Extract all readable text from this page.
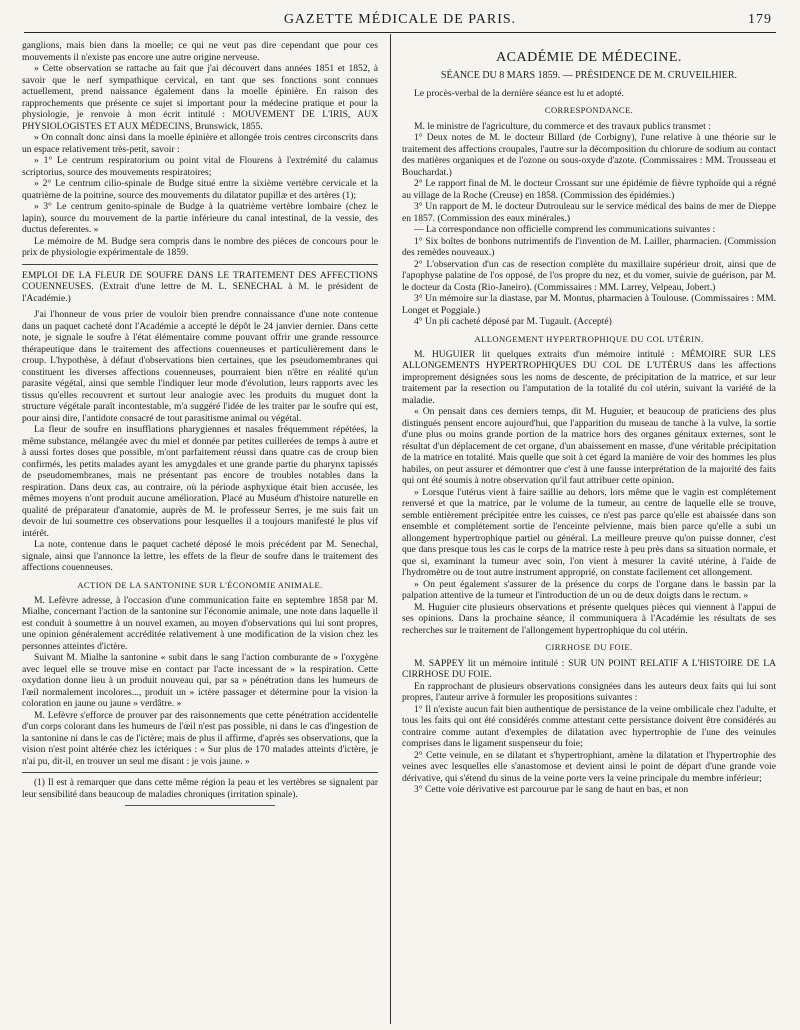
GAZETTE MÉDICALE DE PARIS.	179

ganglions, mais bien dans la moelle; ce qui ne veut pas dire cependant que pour ces mouvements il n'existe pas encore une autre origine nerveuse.

» Cette observation se rattache au fait que j'ai découvert dans années 1851 et 1852, à savoir que le nerf sympathique cervical, en tant que ses fonctions sont connues actuellement, prend naissance également dans la moelle épinière. En raison des rapprochements que présente ce sujet si important pour la médecine pratique et pour la physiologie, je renvoie à mon écrit intitulé : MOUVEMENT DE L'IRIS, AUX PHYSIOLOGISTES ET AUX MÉDECINS, Brunswick, 1855.

» On connaît donc ainsi dans la moelle épinière et allongée trois centres circonscrits dans un espace relativement très-petit, savoir :

» 1° Le centrum respiratorium ou point vital de Flourens à l'extrémité du calamus scriptorius, source des mouvements respiratoires;

» 2° Le centrum cilio-spinale de Budge situé entre la sixième vertèbre cervicale et la quatrième de la poitrine, source des mouvements du dilatator pupillæ et des artères (1);

» 3° Le centrum genito-spinale de Budge à la quatrième vertèbre lombaire (chez le lapin), source du mouvement de la partie inférieure du canal intestinal, de la vessie, des ductus deferentes. »

Le mémoire de M. Budge sera compris dans le nombre des pièces de concours pour le prix de physiologie expérimentale de 1859.

EMPLOI DE LA FLEUR DE SOUFRE DANS LE TRAITEMENT DES AFFECTIONS COUENNEUSES. (Extrait d'une lettre de M. L. SENECHAL à M. le président de l'Académie.)

J'ai l'honneur de vous prier de vouloir bien prendre connaissance d'une note contenue dans un paquet cacheté dont l'Académie a accepté le dépôt le 24 janvier dernier. Dans cette note, je signale le soufre à l'état élémentaire comme pouvant offrir une grande ressource thérapeutique dans le traitement des affections couenneuses et particulièrement dans le croup. L'hypothèse, à défaut d'observations bien certaines, que les pseudomembranes qui constituent les diverses affections couenneuses, pourraient bien n'être en réalité qu'un parasite végétal, ainsi que semble l'indiquer leur mode d'évolution, leurs rapports avec les tissus qu'elles recouvrent et surtout leur analogie avec les produits du muguet dont la structure végétale paraît incontestable, m'a suggéré l'idée de les traiter par le soufre qui est, pour ainsi dire, l'antidote consacré de tout parasitisme animal ou végétal.

La fleur de soufre en insufflations pharygiennes et nasales fréquemment répétées, la même substance, mélangée avec du miel et donnée par petites cuillerées de temps à autre et à aussi fortes doses que possible, m'ont parfaitement réussi dans quatre cas de croup bien confirmés, les petits malades ayant les amygdales et une grande partie du pharynx tapissés de pseudomembranes, mais ne présentant pas encore de troubles notables dans la respiration. Dans deux cas, au contraire, où la période asphyxique était bien accusée, les mêmes moyens n'ont produit aucune amélioration. Placé au Muséum d'histoire naturelle en qualité de préparateur d'anatomie, auprès de M. le professeur Serres, je me suis fait un devoir de lui soumettre ces observations pour lesquelles il a toujours manifesté le plus vif intérêt.

La note, contenue dans le paquet cacheté déposé le mois précédent par M. Senechal, signale, ainsi que l'annonce la lettre, les effets de la fleur de soufre dans le traitement des affections couenneuses.

ACTION DE LA SANTONINE SUR L'ÉCONOMIE ANIMALE.

M. Lefèvre adresse, à l'occasion d'une communication faite en septembre 1858 par M. Mialhe, concernant l'action de la santonine sur l'économie animale, une note dans laquelle il est conduit à soumettre à un nouvel examen, au moyen d'observations qui lui sont propres, une opinion généralement accréditée relativement à une modification de la vision chez les personnes atteintes d'ictère.

Suivant M. Mialhe la santonine « subit dans le sang l'action comburante de » l'oxygène avec lequel elle se trouve mise en contact par l'acte incessant de » la respiration. Cette oxydation donne lieu à un produit nouveau qui, par sa » pénétration dans les humeurs de l'œil normalement incolores..., produit un » ictère passager et détermine pour la vision la coloration en jaune ou jaune » verdâtre. »

M. Lefèvre s'efforce de prouver par des raisonnements que cette pénétration accidentelle d'un corps colorant dans les humeurs de l'œil n'est pas possible, ni dans le cas d'ingestion de la santonine ni dans le cas de l'ictère; mais de plus il affirme, d'après ses observations, que la vision n'est point altérée chez les ictériques : « Sur plus de 170 malades atteints d'ictère, je n'ai pu, dit-il, en trouver un seul me disant : je vois jaune. »

(1) Il est à remarquer que dans cette même région la peau et les vertèbres se signalent par leur sensibilité dans beaucoup de maladies chroniques (irritation spinale).

ACADÉMIE DE MÉDECINE.
SÉANCE DU 8 MARS 1859. — PRÉSIDENCE DE M. CRUVEILHIER.

Le procès-verbal de la dernière séance est lu et adopté.

CORRESPONDANCE.

M. le ministre de l'agriculture, du commerce et des travaux publics transmet :

1° Deux notes de M. le docteur Billard (de Corbigny), l'une relative à une théorie sur le traitement des affections croupales, l'autre sur la décomposition du chlorure de sodium au contact des matières organiques et de l'ozone ou sous-oxyde d'azote. (Commissaires : MM. Trousseau et Bouchardat.)

2° Le rapport final de M. le docteur Crossant sur une épidémie de fièvre typhoïde qui a régné au village de la Roche (Creuse) en 1858. (Commission des épidémies.)

3° Un rapport de M. le docteur Dutrouleau sur le service médical des bains de mer de Dieppe en 1857. (Commission des eaux minérales.)

— La correspondance non officielle comprend les communications suivantes :

1° Six boîtes de bonbons nutrimentifs de l'invention de M. Lailler, pharmacien. (Commission des remèdes nouveaux.)

2° L'observation d'un cas de resection complète du maxillaire supérieur droit, ainsi que de l'apophyse palatine de l'os opposé, de l'os propre du nez, et du vomer, suivie de guérison, par M. le docteur da Costa (Rio-Janeiro). (Commissaires : MM. Larrey, Velpeau, Jobert.)

3° Un mémoire sur la diastase, par M. Montus, pharmacien à Toulouse. (Commissaires : MM. Longet et Poggiale.)

4° Un pli cacheté déposé par M. Tugault. (Accepté)

ALLONGEMENT HYPERTROPHIQUE DU COL UTÉRIN.

M. HUGUIER lit quelques extraits d'un mémoire intitulé : MÉMOIRE SUR LES ALLONGEMENTS HYPERTROPHIQUES DU COL DE L'UTÉRUS dans les affections improprement désignées sous les noms de descente, de précipitation de la matrice, et sur leur traitement par la resection ou l'amputation de la totalité du col utérin, suivant la variété de la maladie.

« On pensait dans ces derniers temps, dit M. Huguier, et beaucoup de praticiens des plus distingués pensent encore aujourd'hui, que l'apparition du museau de tanche à la vulve, la sortie d'une plus ou moins grande portion de la matrice hors des organes génitaux externes, sont le résultat d'un déplacement de cet organe, d'un abaissement en masse, d'une véritable précipitation de la matrice en totalité. Mais quelle que soit à cet égard la manière de voir des hommes les plus habiles, on peut assurer et démontrer que c'est à une fausse interprétation de la majorité des faits qui ont été soumis à notre observation qu'il faut attribuer cette opinion.

» Lorsque l'utérus vient à faire saillie au dehors, lors même que le vagin est complétement renversé et que la matrice, par le volume de la tumeur, au centre de laquelle elle se trouve, semble entièrement précipitée entre les cuisses, ce n'est pas parce qu'elle est abaissée dans son ensemble et complétement sortie de l'enceinte pelvienne, mais bien parce qu'elle a subi un allongement hypertrophique partiel ou général. La meilleure preuve qu'on puisse donner, c'est que dans presque tous les cas le corps de la matrice reste à peu près dans sa situation normale, et que si, examinant la tumeur avec soin, l'on vient à mesurer la cavité utérine, à l'aide de l'hydromètre ou de tout autre instrument approprié, on constate facilement cet allongement.

» On peut également s'assurer de la présence du corps de l'organe dans le bassin par la palpation attentive de la tumeur et l'introduction de un ou de deux doigts dans le rectum. »

M. Huguier cite plusieurs observations et présente quelques pièces qui viennent à l'appui de ses opinions. Dans la prochaine séance, il communiquera à l'Académie les résultats de ses recherches sur le traitement de l'allongement hypertrophique du col utérin.

CIRRHOSE DU FOIE.

M. SAPPEY lit un mémoire intitulé : SUR UN POINT RELATIF A L'HISTOIRE DE LA CIRRHOSE DU FOIE.

En rapprochant de plusieurs observations consignées dans les auteurs deux faits qui lui sont propres, l'auteur arrive à formuler les propositions suivantes :

1° Il n'existe aucun fait bien authentique de persistance de la veine ombilicale chez l'adulte, et tous les faits qui ont été considérés comme attestant cette persistance doivent être considérés au contraire comme autant d'exemples de dilatation avec hypertrophie de l'une des veinules comprises dans le ligament suspenseur du foie;

2° Cette veinule, en se dilatant et s'hypertrophiant, amène la dilatation et l'hypertrophie des veines avec lesquelles elle s'anastomose et devient ainsi le point de départ d'une grande voie dérivative, qui s'étend du sinus de la veine porte vers la veine principale du membre inférieur;

3° Cette voie dérivative est parcourue par le sang de haut en bas, et non
